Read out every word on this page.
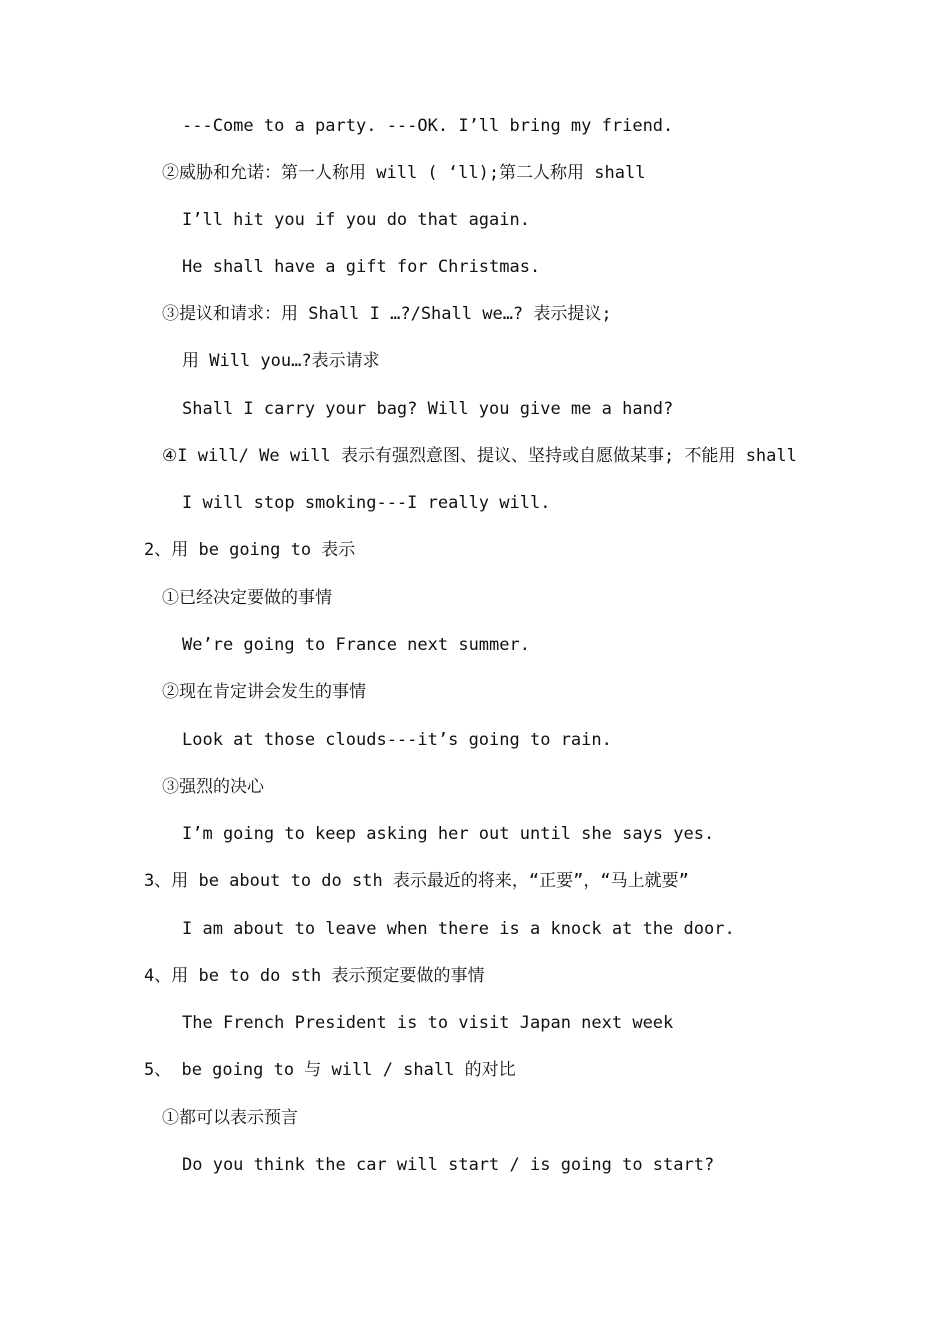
---Come to a party. ---OK. I’ll bring my friend.
②威胁和允诺：第一人称用 will ( ‘ll);第二人称用 shall
I’ll hit you if you do that again.
He shall have a gift for Christmas.
③提议和请求：用 Shall I …?/Shall we…? 表示提议;
用 Will you…?表示请求
Shall I carry your bag? Will you give me a hand?
④I will/ We will 表示有强烈意图、提议、坚持或自愿做某事; 不能用 shall
I will stop smoking---I really will.
2、用 be going to 表示
①已经决定要做的事情
We’re going to France next summer.
②现在肯定讲会发生的事情
Look at those clouds---it’s going to rain.
③强烈的决心
I’m going to keep asking her out until she says yes.
3、用 be about to do sth 表示最近的将来，“正要”，“马上就要”
I am about to leave when there is a knock at the door.
4、用 be to do sth 表示预定要做的事情
The French President is to visit Japan next week
5、 be going to 与 will / shall 的对比
①都可以表示预言
Do you think the car will start / is going to start?
